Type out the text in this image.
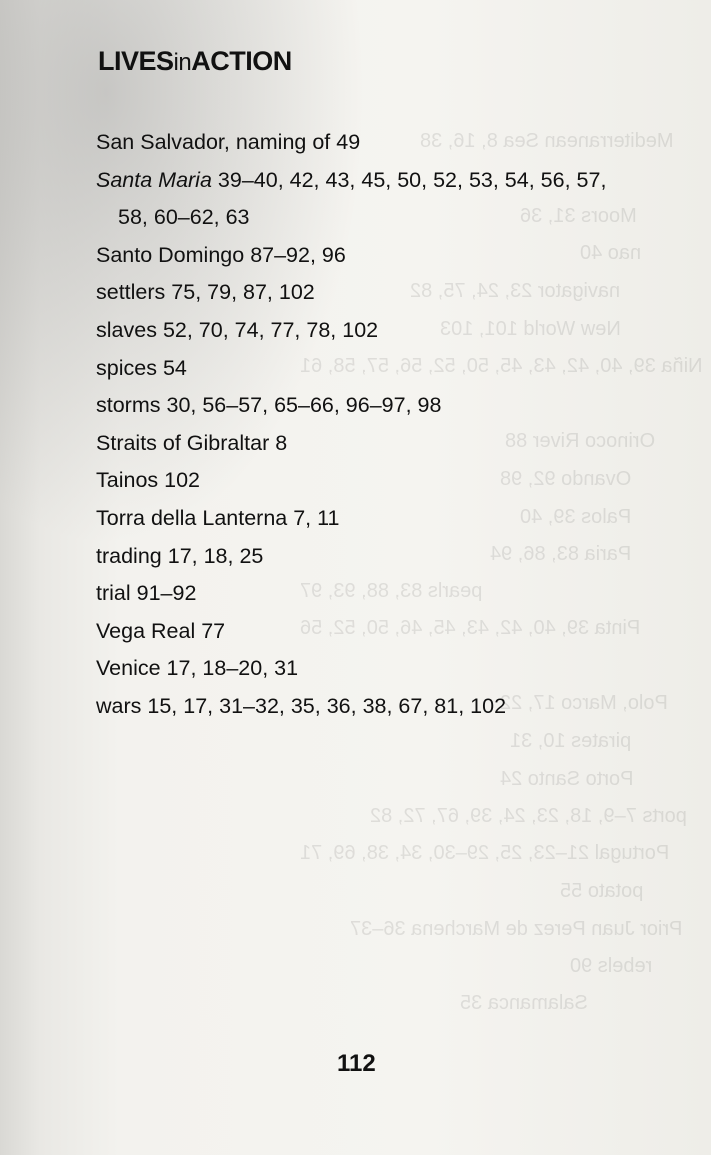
Mediterranean Sea 8, 16, 38
Moors 31, 36
nao 40
navigator 23, 24, 75, 82
New World 101, 103
Niña 39, 40, 42, 43, 45, 50, 52, 56, 57, 58, 61
Orinoco River 88
Ovando 92, 98
Palos 39, 40
Paria 83, 86, 94
pearls 83, 88, 93, 97
Pinta 39, 40, 42, 43, 45, 46, 50, 52, 56
Polo, Marco 17, 22
pirates 10, 31
Porto Santo 24
ports 7–9, 18, 23, 24, 39, 67, 72, 82
Portugal 21–23, 25, 29–30, 34, 38, 69, 71
potato 55
Prior Juan Perez de Marchena 36–37
rebels 90
Salamanca 35
LIVESinACTION

San Salvador, naming of 49

Santa Maria 39–40, 42, 43, 45, 50, 52, 53, 54, 56, 57,
58, 60–62, 63

Santo Domingo 87–92, 96

settlers 75, 79, 87, 102

slaves 52, 70, 74, 77, 78, 102

spices 54

storms 30, 56–57, 65–66, 96–97, 98

Straits of Gibraltar 8

Tainos 102

Torra della Lanterna 7, 11

trading 17, 18, 25

trial 91–92

Vega Real 77

Venice 17, 18–20, 31

wars 15, 17, 31–32, 35, 36, 38, 67, 81, 102

112
